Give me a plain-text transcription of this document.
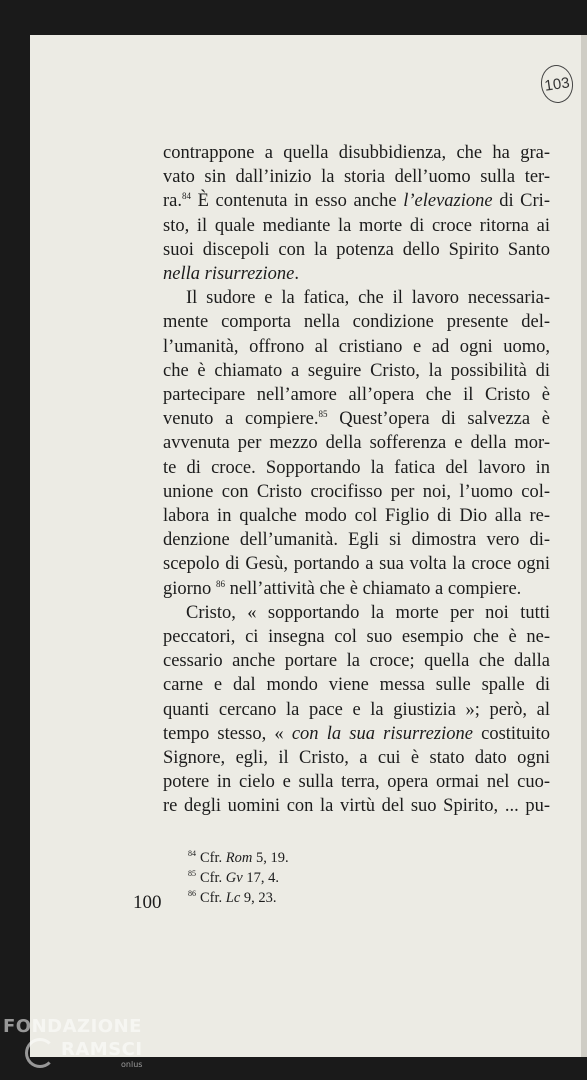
103
contrappone a quella disubbidienza, che ha gra-
vato sin dall’inizio la storia dell’uomo sulla ter-
ra.$^{84}$ È contenuta in esso anche l’elevazione di Cri-
sto, il quale mediante la morte di croce ritorna ai
suoi discepoli con la potenza dello Spirito Santo
nella risurrezione.
Il sudore e la fatica, che il lavoro necessaria-
mente comporta nella condizione presente del-
l’umanità, offrono al cristiano e ad ogni uomo,
che è chiamato a seguire Cristo, la possibilità di
partecipare nell’amore all’opera che il Cristo è
venuto a compiere.$^{85}$ Quest’opera di salvezza è
avvenuta per mezzo della sofferenza e della mor-
te di croce. Sopportando la fatica del lavoro in
unione con Cristo crocifisso per noi, l’uomo col-
labora in qualche modo col Figlio di Dio alla re-
denzione dell’umanità. Egli si dimostra vero di-
scepolo di Gesù, portando a sua volta la croce ogni
giorno $^{86}$ nell’attività che è chiamato a compiere.
Cristo, « sopportando la morte per noi tutti
peccatori, ci insegna col suo esempio che è ne-
cessario anche portare la croce; quella che dalla
carne e dal mondo viene messa sulle spalle di
quanti cercano la pace e la giustizia »; però, al
tempo stesso, « con la sua risurrezione costituito
Signore, egli, il Cristo, a cui è stato dato ogni
potere in cielo e sulla terra, opera ormai nel cuo-
re degli uomini con la virtù del suo Spirito, ... pu-
$^{84}$ Cfr. Rom 5, 19.
$^{85}$ Cfr. Gv 17, 4.
$^{86}$ Cfr. Lc 9, 23.
100
FONDAZIONE
RAMSCI
onlus
